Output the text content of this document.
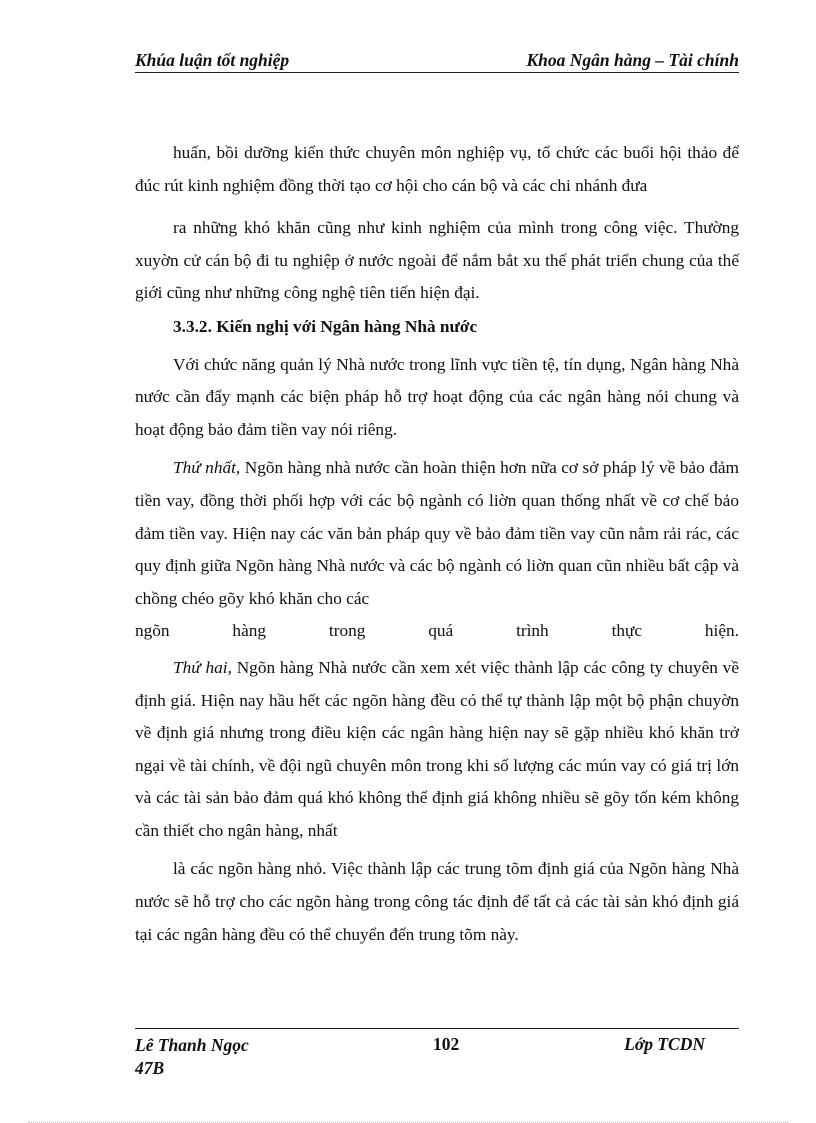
Khúa luận tốt nghiệp	Khoa Ngân hàng – Tài chính

huấn, bồi dưỡng kiến thức chuyên môn nghiệp vụ, tổ chức các buổi hội thảo để đúc rút kinh nghiệm đồng thời tạo cơ hội cho cán bộ và các chi nhánh đưa

ra những khó khăn cũng như kinh nghiệm của mình trong công việc. Thường xuyờn cử cán bộ đi tu nghiệp ở nước ngoài để nắm bắt xu thế phát triển chung của thế giới cũng như những công nghệ tiên tiến hiện đại.

3.3.2. Kiến nghị với Ngân hàng Nhà nước

Với chức năng quản lý Nhà nước trong lĩnh vực tiền tệ, tín dụng, Ngân hàng Nhà nước cần đẩy mạnh các biện pháp hỗ trợ hoạt động của các ngân hàng nói chung và hoạt động bảo đảm tiền vay nói riêng.

Thứ nhất, Ngõn hàng nhà nước cần hoàn thiện hơn nữa cơ sở pháp lý về bảo đảm tiền vay, đồng thời phối hợp với các bộ ngành có liờn quan thống nhất về cơ chế bảo đảm tiền vay. Hiện nay các văn bản pháp quy về bảo đảm tiền vay cũn nằm rải rác, các quy định giữa Ngõn hàng Nhà nước và các bộ ngành có liờn quan cũn nhiều bất cập và chồng chéo gõy khó khăn cho các

ngõn hàng trong quá trình thực hiện.

Thứ hai, Ngõn hàng Nhà nước cần xem xét việc thành lập các công ty chuyên về định giá. Hiện nay hầu hết các ngõn hàng đều có thể tự thành lập một bộ phận chuyờn về định giá nhưng trong điều kiện các ngân hàng hiện nay sẽ gặp nhiều khó khăn trở ngại về tài chính, về đội ngũ chuyên môn trong khi số lượng các mún vay có giá trị lớn và các tài sản bảo đảm quá khó không thể định giá không nhiều sẽ gõy tốn kém không cần thiết cho ngân hàng, nhất

là các ngõn hàng nhỏ. Việc thành lập các trung tõm định giá của Ngõn hàng Nhà nước sẽ hỗ trợ cho các ngõn hàng trong công tác định để tất cả các tài sản khó định giá tại các ngân hàng đều có thể chuyển đến trung tõm này.

Lê Thanh Ngọc
47B
102	Lớp TCDN
